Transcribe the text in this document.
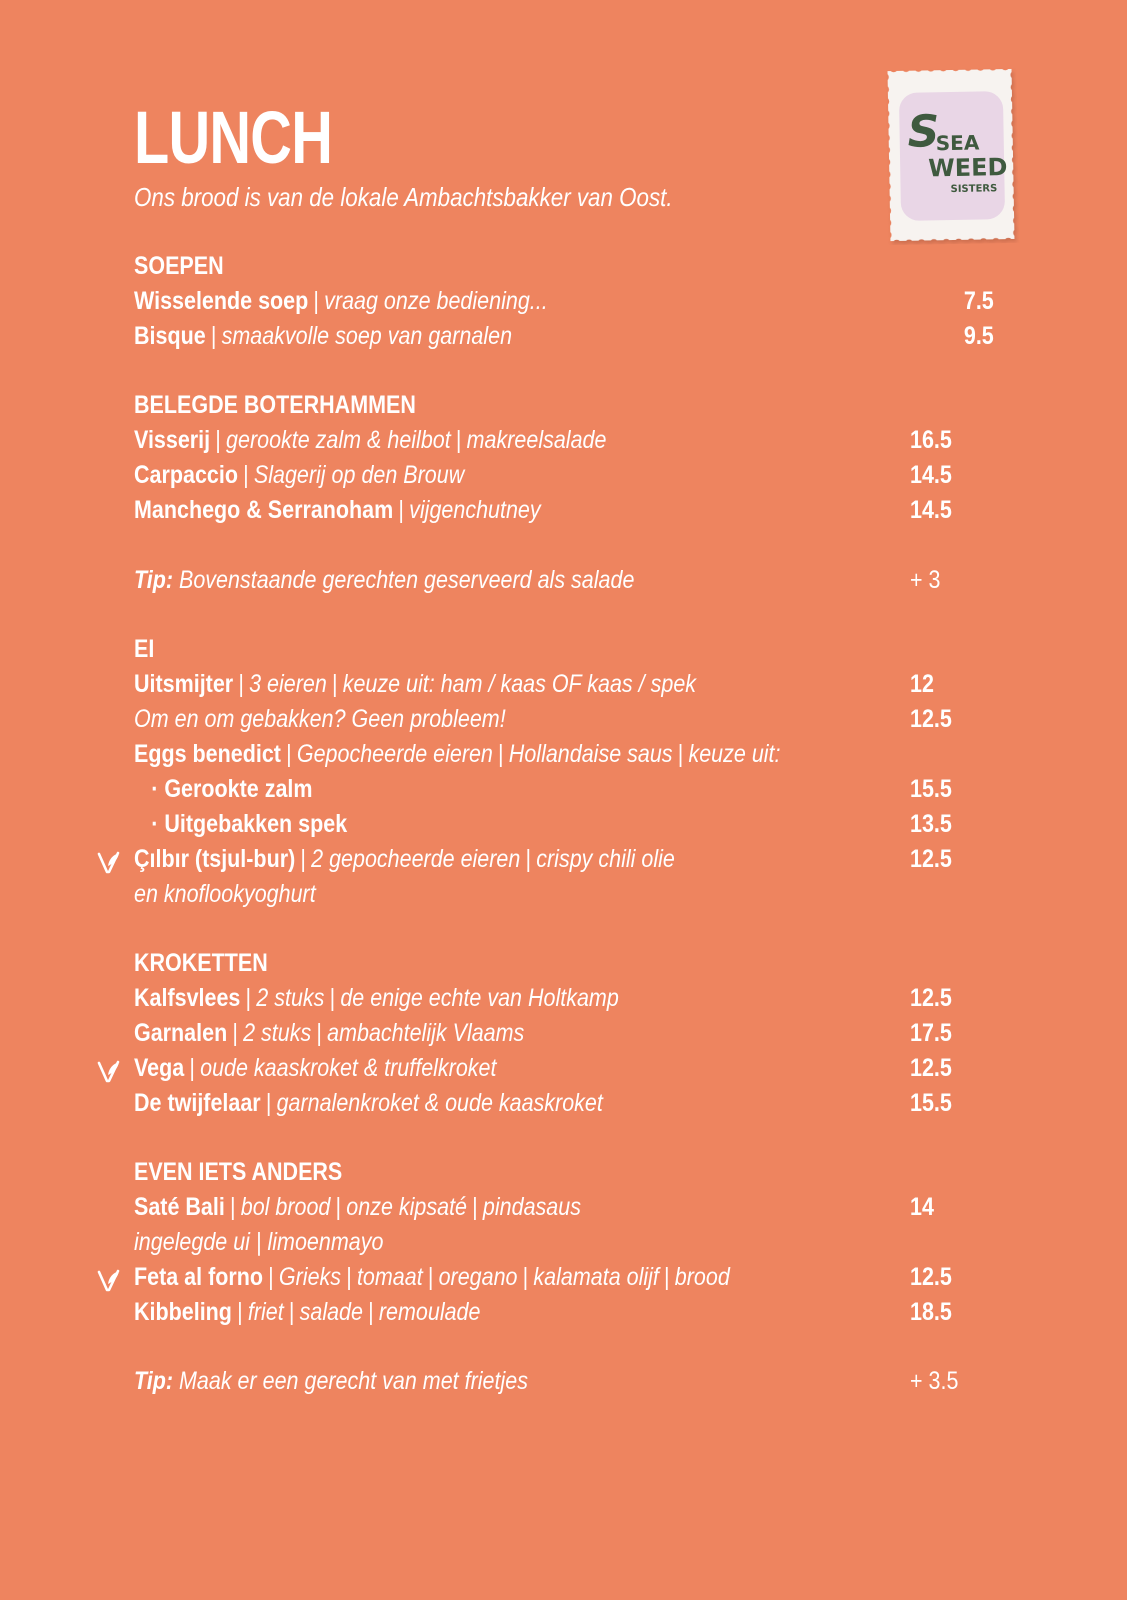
LUNCH
Ons brood is van de lokale Ambachtsbakker van Oost.
S
SEA
WEED
SISTERS
SOEPEN
Wisselende soep | vraag onze bediening...	7.5
Bisque | smaakvolle soep van garnalen	9.5
BELEGDE BOTERHAMMEN
Visserij | gerookte zalm & heilbot | makreelsalade	16.5
Carpaccio | Slagerij op den Brouw	14.5
Manchego & Serranoham | vijgenchutney	14.5
Tip: Bovenstaande gerechten geserveerd als salade	+ 3
EI
Uitsmijter | 3 eieren | keuze uit: ham / kaas OF kaas / spek	12
Om en om gebakken? Geen probleem!	12.5
Eggs benedict | Gepocheerde eieren | Hollandaise saus | keuze uit:
· Gerookte zalm	15.5
· Uitgebakken spek	13.5
Çılbır (tsjul-bur) | 2 gepocheerde eieren | crispy chili olie	12.5
en knoflookyoghurt
KROKETTEN
Kalfsvlees | 2 stuks | de enige echte van Holtkamp	12.5
Garnalen | 2 stuks | ambachtelijk Vlaams	17.5
Vega | oude kaaskroket & truffelkroket	12.5
De twijfelaar | garnalenkroket & oude kaaskroket	15.5
EVEN IETS ANDERS
Saté Bali | bol brood | onze kipsaté | pindasaus	14
ingelegde ui | limoenmayo
Feta al forno | Grieks | tomaat | oregano | kalamata olijf | brood	12.5
Kibbeling | friet | salade | remoulade	18.5
Tip: Maak er een gerecht van met frietjes	+ 3.5
